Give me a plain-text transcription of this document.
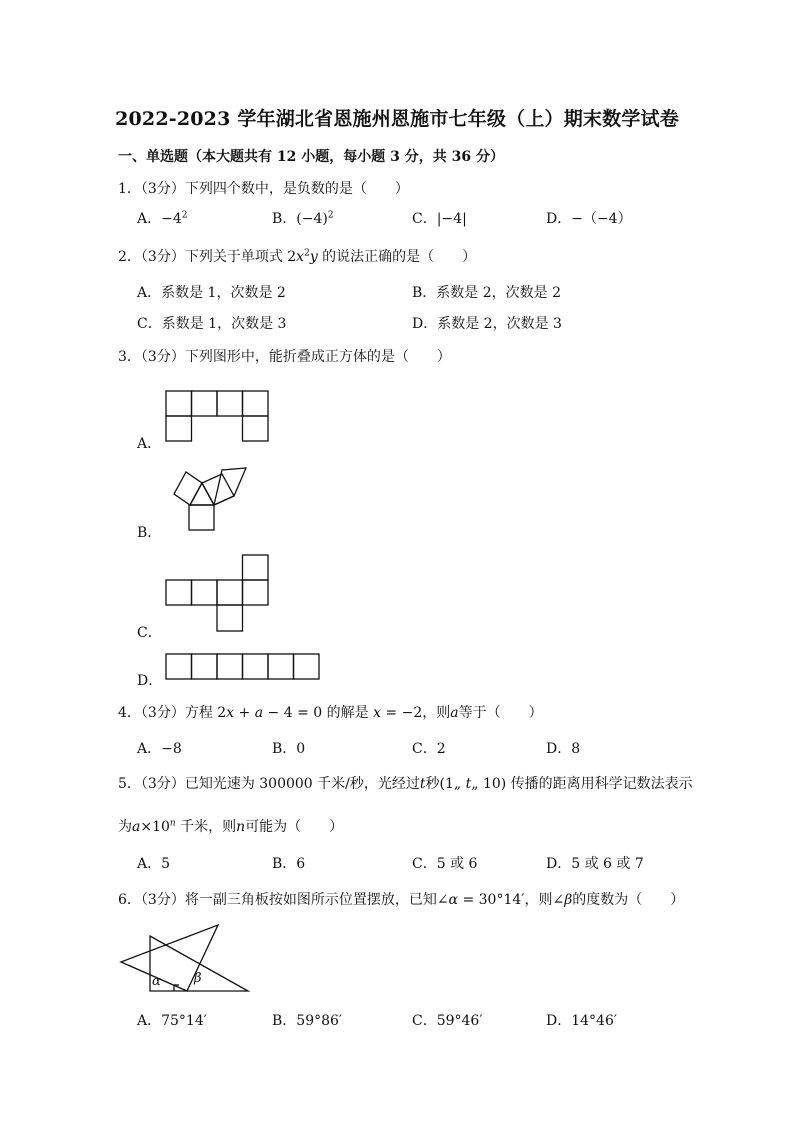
2022-2023 学年湖北省恩施州恩施市七年级（上）期末数学试卷
一、单选题（本大题共有 12 小题，每小题 3 分，共 36 分）
1．（3分）下列四个数中，是负数的是（　　）
A．$-4^2$	B．$(-4)^2$	C．|−4|	D．−（−4）
2．（3分）下列关于单项式 $2x^2y$ 的说法正确的是（　　）
A．系数是 1，次数是 2	B．系数是 2，次数是 2
C．系数是 1，次数是 3	D．系数是 2，次数是 3
3．（3分）下列图形中，能折叠成正方体的是（　　）
A．
B．
C．
D．
4．（3分）方程 2x + a − 4 = 0 的解是 x = −2，则a等于（　　）
A．−8	B．0	C．2	D．8
5．（3分）已知光速为 300000 千米/秒，光经过t秒(1„ t„ 10) 传播的距离用科学记数法表示
为$a\times 10^n$ 千米，则n可能为（　　）
A．5	B．6	C．5 或 6	D．5 或 6 或 7
6．（3分）将一副三角板按如图所示位置摆放，已知∠α = 30°14′，则∠β的度数为（　　）
α	β
A．75°14′	B．59°86′	C．59°46′	D．14°46′
